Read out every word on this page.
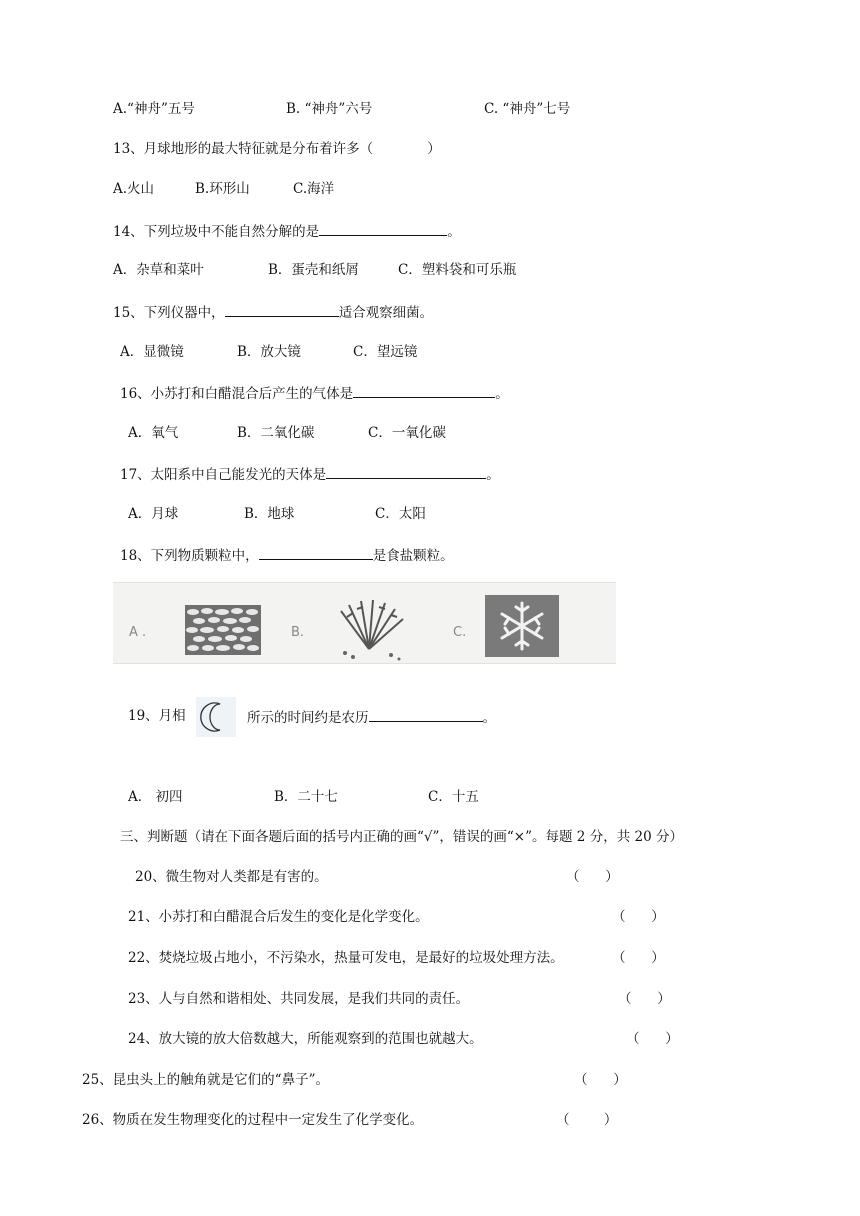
A.“神舟”五号	B. “神舟”六号	C. “神舟”七号
13、月球地形的最大特征就是分布着许多（	）
A.火山	B.环形山	C.海洋
14、下列垃圾中不能自然分解的是	。
A．杂草和菜叶	B．蛋壳和纸屑	C．塑料袋和可乐瓶
15、下列仪器中，	适合观察细菌。
A．显微镜	B．放大镜	C．望远镜
16、小苏打和白醋混合后产生的气体是	。
A．氧气	B．二氧化碳	C．一氧化碳
17、太阳系中自己能发光的天体是	。
A．月球	B．地球	C．太阳
18、下列物质颗粒中，	是食盐颗粒。
A .	B.	C.
19、月相	所示的时间约是农历	。
A． 初四	B．二十七	C．十五
三、判断题（请在下面各题后面的括号内正确的画“√”，错误的画“×”。每题 2 分，共 20 分）
20、微生物对人类都是有害的。	（      ）
21、小苏打和白醋混合后发生的变化是化学变化。	（      ）
22、焚烧垃圾占地小，不污染水，热量可发电，是最好的垃圾处理方法。	（      ）
23、人与自然和谐相处、共同发展，是我们共同的责任。	（      ）
24、放大镜的放大倍数越大，所能观察到的范围也就越大。	（      ）
25、昆虫头上的触角就是它们的“鼻子”。	（      ）
26、物质在发生物理变化的过程中一定发生了化学变化。	（        ）
